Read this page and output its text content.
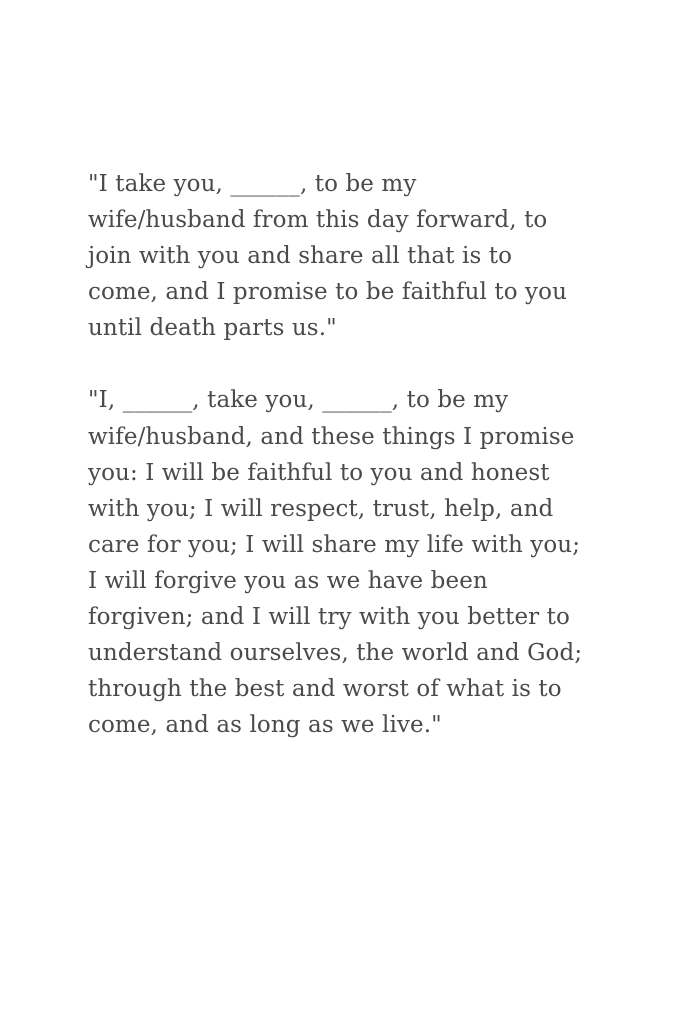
"I take you, ______, to be my
wife/husband from this day forward, to
join with you and share all that is to
come, and I promise to be faithful to you
until death parts us."

"I, ______, take you, ______, to be my
wife/husband, and these things I promise
you: I will be faithful to you and honest
with you; I will respect, trust, help, and
care for you; I will share my life with you;
I will forgive you as we have been
forgiven; and I will try with you better to
understand ourselves, the world and God;
through the best and worst of what is to
come, and as long as we live."
